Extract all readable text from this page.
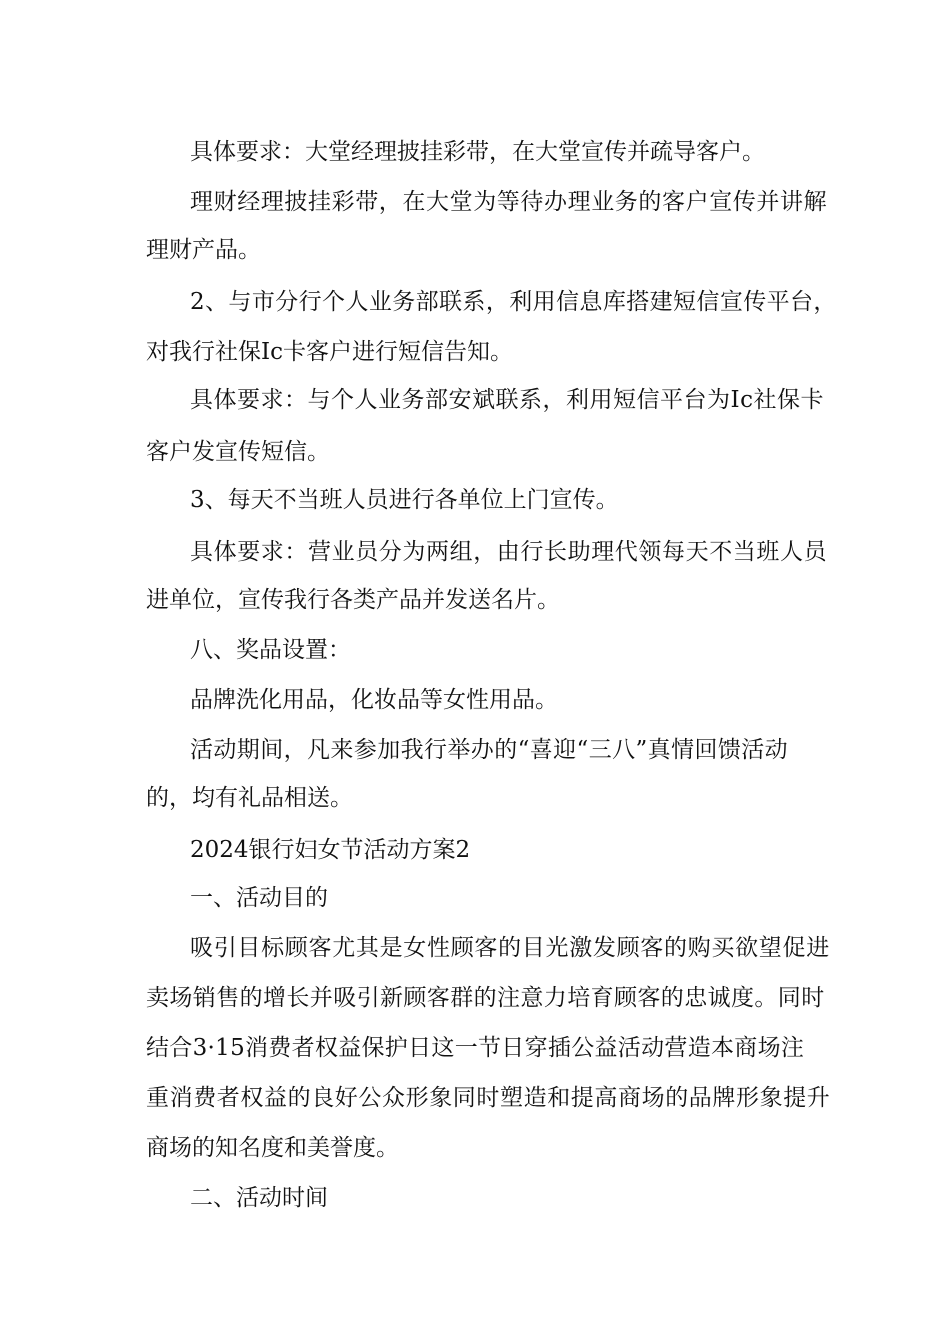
具体要求：大堂经理披挂彩带，在大堂宣传并疏导客户。
理财经理披挂彩带，在大堂为等待办理业务的客户宣传并讲解
理财产品。
2、与市分行个人业务部联系，利用信息库搭建短信宣传平台，
对我行社保Ic卡客户进行短信告知。
具体要求：与个人业务部安斌联系，利用短信平台为Ic社保卡
客户发宣传短信。
3、每天不当班人员进行各单位上门宣传。
具体要求：营业员分为两组，由行长助理代领每天不当班人员
进单位，宣传我行各类产品并发送名片。
八、奖品设置：
品牌洗化用品，化妆品等女性用品。
活动期间，凡来参加我行举办的“喜迎“三八”真情回馈活动
的，均有礼品相送。
2024银行妇女节活动方案2
一、活动目的
吸引目标顾客尤其是女性顾客的目光激发顾客的购买欲望促进
卖场销售的增长并吸引新顾客群的注意力培育顾客的忠诚度。同时
结合3·15消费者权益保护日这一节日穿插公益活动营造本商场注
重消费者权益的良好公众形象同时塑造和提高商场的品牌形象提升
商场的知名度和美誉度。
二、活动时间
